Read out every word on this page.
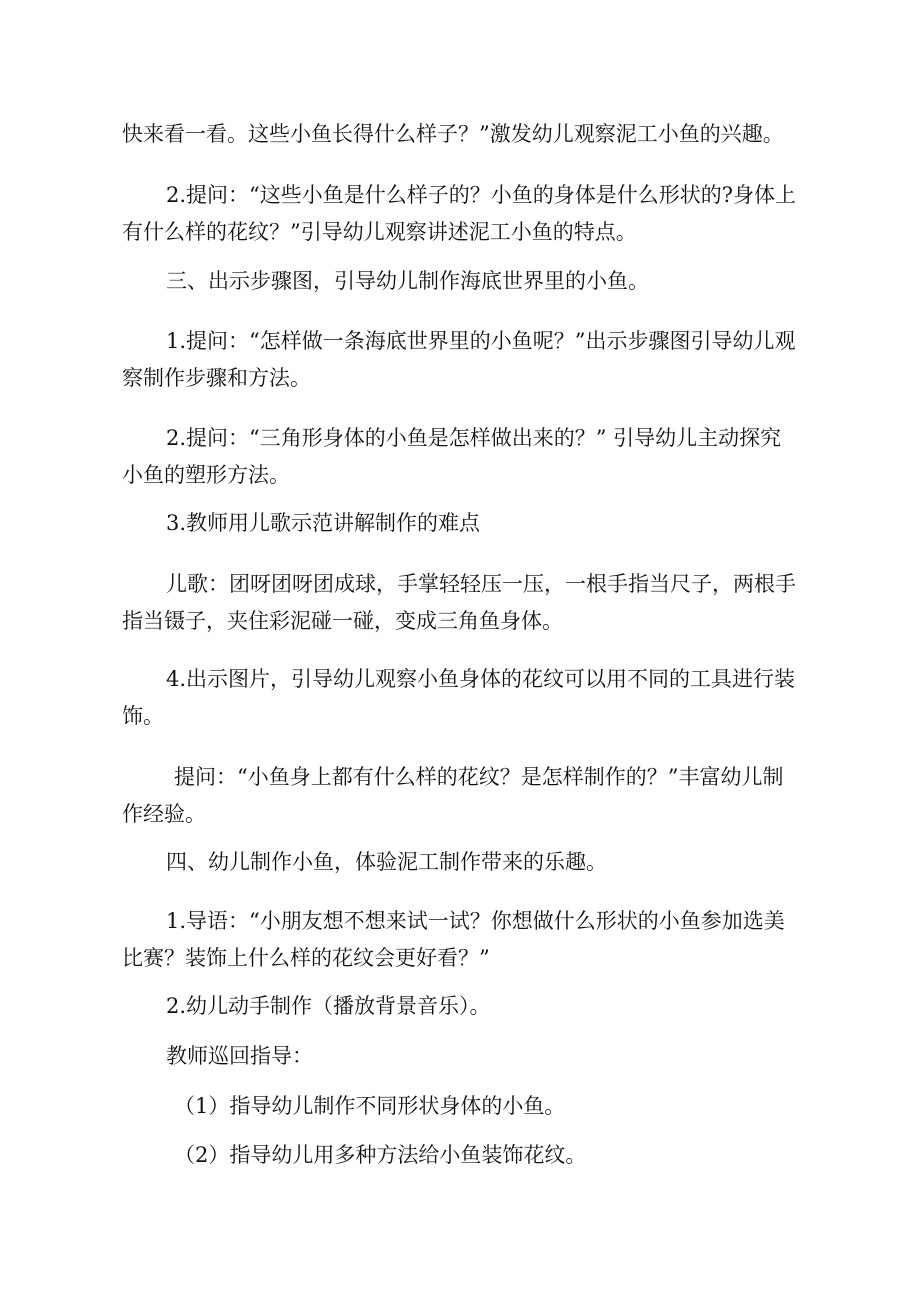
快来看一看。这些小鱼长得什么样子？”激发幼儿观察泥工小鱼的兴趣。

2.提问：“这些小鱼是什么样子的？小鱼的身体是什么形状的?身体上有什么样的花纹？”引导幼儿观察讲述泥工小鱼的特点。

三、出示步骤图，引导幼儿制作海底世界里的小鱼。

1.提问：“怎样做一条海底世界里的小鱼呢？”出示步骤图引导幼儿观察制作步骤和方法。

2.提问：“三角形身体的小鱼是怎样做出来的？” 引导幼儿主动探究小鱼的塑形方法。

3.教师用儿歌示范讲解制作的难点

儿歌：团呀团呀团成球，手掌轻轻压一压，一根手指当尺子，两根手指当镊子，夹住彩泥碰一碰，变成三角鱼身体。

4.出示图片，引导幼儿观察小鱼身体的花纹可以用不同的工具进行装饰。

提问：“小鱼身上都有什么样的花纹？是怎样制作的？”丰富幼儿制作经验。

四、幼儿制作小鱼，体验泥工制作带来的乐趣。

1.导语：“小朋友想不想来试一试？你想做什么形状的小鱼参加选美比赛？装饰上什么样的花纹会更好看？”

2.幼儿动手制作（播放背景音乐）。

教师巡回指导：

（1）指导幼儿制作不同形状身体的小鱼。

（2）指导幼儿用多种方法给小鱼装饰花纹。
